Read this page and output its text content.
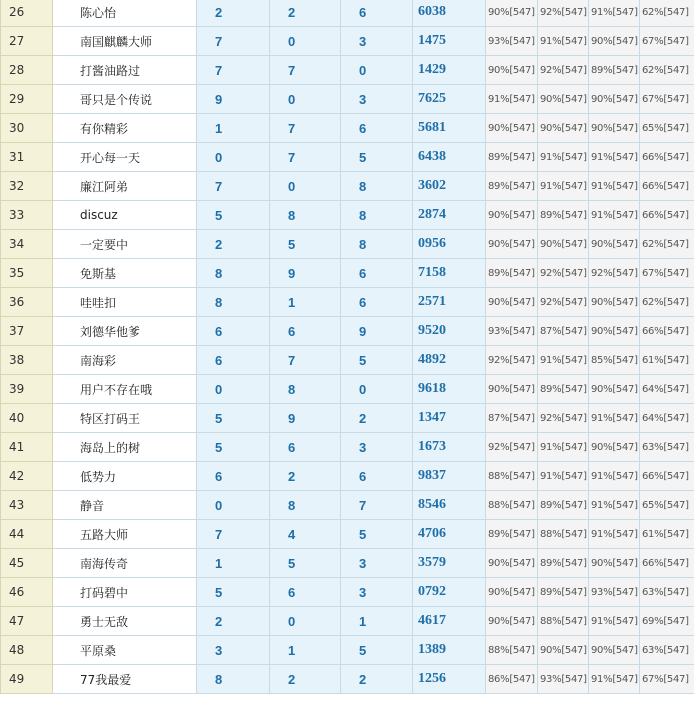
26	陈心怡	2	2	6	6038	90%[547]	92%[547]	91%[547]	62%[547]
27	南国麒麟大师	7	0	3	1475	93%[547]	91%[547]	90%[547]	67%[547]
28	打酱油路过	7	7	0	1429	90%[547]	92%[547]	89%[547]	62%[547]
29	哥只是个传说	9	0	3	7625	91%[547]	90%[547]	90%[547]	67%[547]
30	有你精彩	1	7	6	5681	90%[547]	90%[547]	90%[547]	65%[547]
31	开心每一天	0	7	5	6438	89%[547]	91%[547]	91%[547]	66%[547]
32	廉江阿弟	7	0	8	3602	89%[547]	91%[547]	91%[547]	66%[547]
33	discuz	5	8	8	2874	90%[547]	89%[547]	91%[547]	66%[547]
34	一定要中	2	5	8	0956	90%[547]	90%[547]	90%[547]	62%[547]
35	免斯基	8	9	6	7158	89%[547]	92%[547]	92%[547]	67%[547]
36	哇哇扣	8	1	6	2571	90%[547]	92%[547]	90%[547]	62%[547]
37	刘德华他爹	6	6	9	9520	93%[547]	87%[547]	90%[547]	66%[547]
38	南海彩	6	7	5	4892	92%[547]	91%[547]	85%[547]	61%[547]
39	用户不存在哦	0	8	0	9618	90%[547]	89%[547]	90%[547]	64%[547]
40	特区打码王	5	9	2	1347	87%[547]	92%[547]	91%[547]	64%[547]
41	海岛上的树	5	6	3	1673	92%[547]	91%[547]	90%[547]	63%[547]
42	低势力	6	2	6	9837	88%[547]	91%[547]	91%[547]	66%[547]
43	静音	0	8	7	8546	88%[547]	89%[547]	91%[547]	65%[547]
44	五路大师	7	4	5	4706	89%[547]	88%[547]	91%[547]	61%[547]
45	南海传奇	1	5	3	3579	90%[547]	89%[547]	90%[547]	66%[547]
46	打码碧中	5	6	3	0792	90%[547]	89%[547]	93%[547]	63%[547]
47	勇士无敌	2	0	1	4617	90%[547]	88%[547]	91%[547]	69%[547]
48	平原桑	3	1	5	1389	88%[547]	90%[547]	90%[547]	63%[547]
49	77我最爱	8	2	2	1256	86%[547]	93%[547]	91%[547]	67%[547]
